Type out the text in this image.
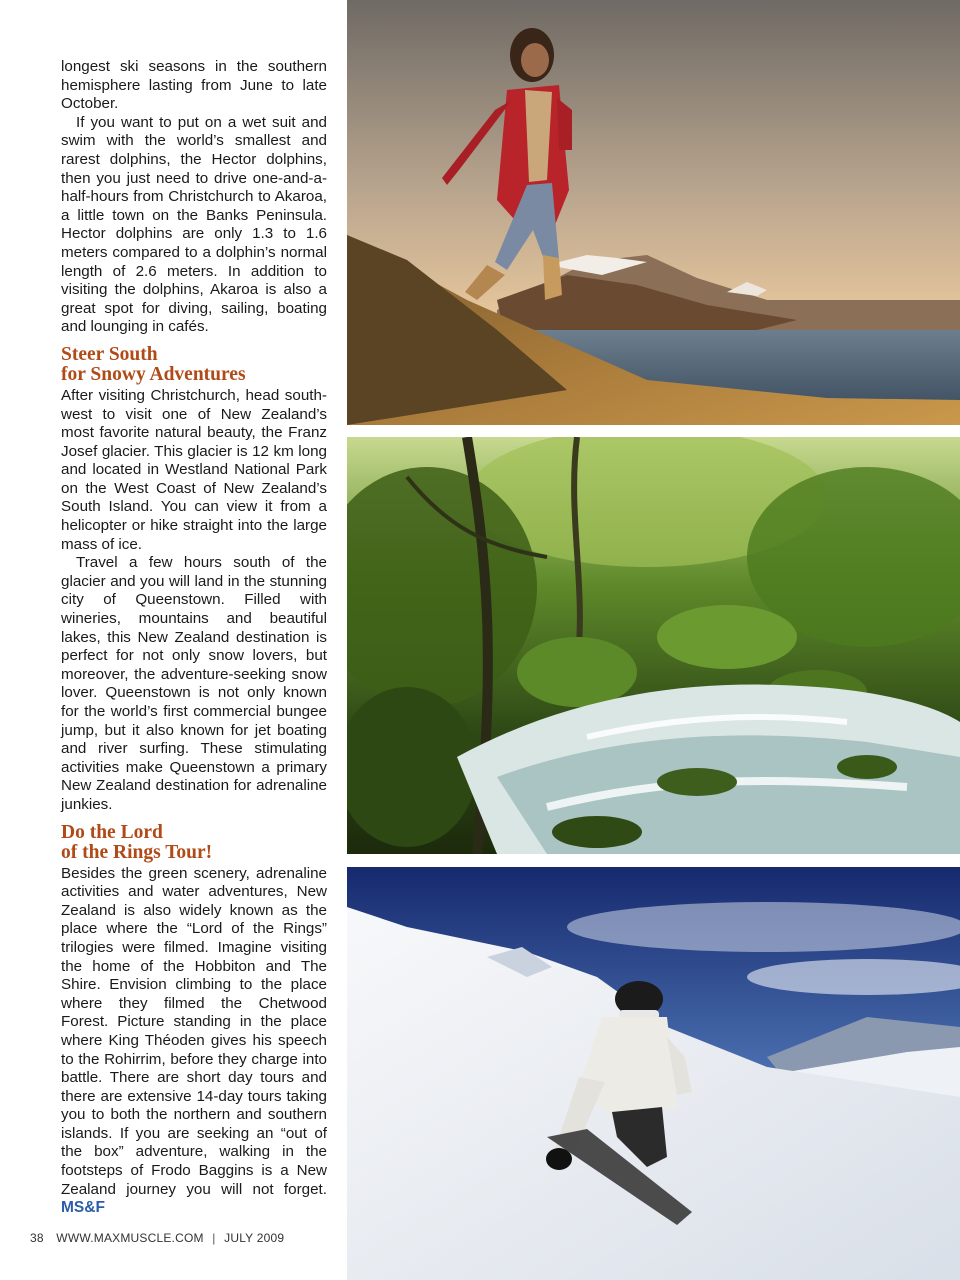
longest ski seasons in the southern hemisphere lasting from June to late October.

If you want to put on a wet suit and swim with the world’s smallest and rarest dolphins, the Hector dolphins, then you just need to drive one-and-a-half-hours from Christchurch to Akaroa, a little town on the Banks Peninsula. Hector dolphins are only 1.3 to 1.6 meters compared to a dolphin’s normal length of 2.6 meters. In addition to visiting the dolphins, Akaroa is also a great spot for diving, sailing, boating and lounging in cafés.

Steer South
for Snowy Adventures

After visiting Christchurch, head south-west to visit one of New Zealand’s most favorite natural beauty, the Franz Josef glacier. This glacier is 12 km long and located in Westland National Park on the West Coast of New Zealand’s South Island. You can view it from a helicopter or hike straight into the large mass of ice.

Travel a few hours south of the glacier and you will land in the stunning city of Queenstown. Filled with wineries, mountains and beautiful lakes, this New Zealand destination is perfect for not only snow lovers, but moreover, the adventure-seeking snow lover. Queenstown is not only known for the world’s first commercial bungee jump, but it also known for jet boating and river surfing. These stimulating activities make Queenstown a primary New Zealand destination for adrenaline junkies.

Do the Lord
of the Rings Tour!

Besides the green scenery, adrenaline activities and water adventures, New Zealand is also widely known as the place where the “Lord of the Rings” trilogies were filmed. Imagine visiting the home of the Hobbiton and The Shire. Envision climbing to the place where they filmed the Chetwood Forest. Picture standing in the place where King Théoden gives his speech to the Rohirrim, before they charge into battle. There are short day tours and there are extensive 14-day tours taking you to both the northern and southern islands. If you are seeking an “out of the box” adventure, walking in the footsteps of Frodo Baggins is a New Zealand journey you will not forget. MS&F

38 WWW.MAXMUSCLE.COM | JULY 2009
